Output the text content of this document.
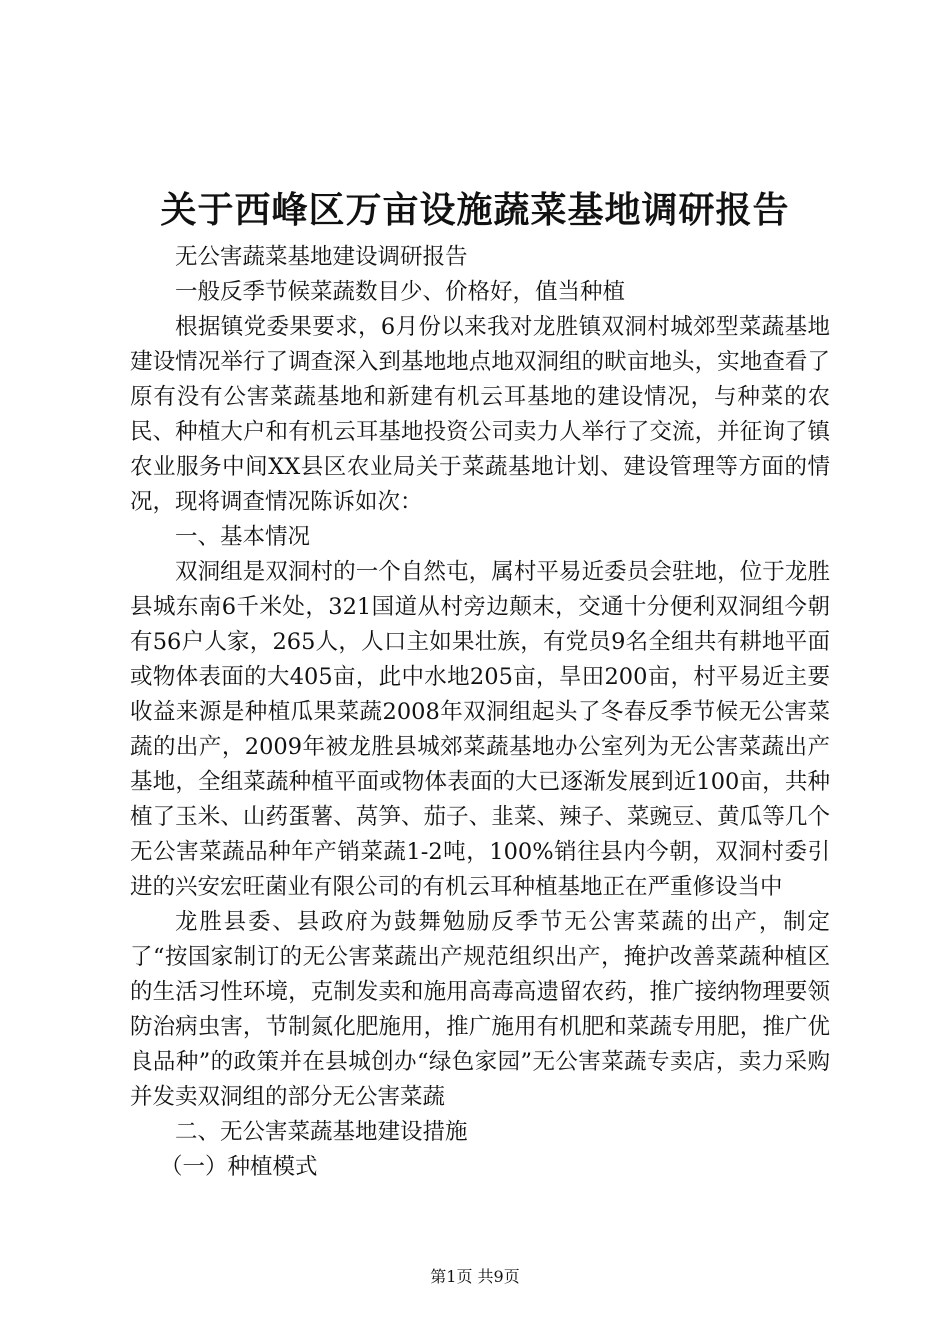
关于西峰区万亩设施蔬菜基地调研报告

无公害蔬菜基地建设调研报告

一般反季节候菜蔬数目少、价格好，值当种植

根据镇党委果要求，6月份以来我对龙胜镇双洞村城郊型菜蔬基地建设情况举行了调查深入到基地地点地双洞组的畎亩地头，实地查看了原有没有公害菜蔬基地和新建有机云耳基地的建设情况，与种菜的农民、种植大户和有机云耳基地投资公司卖力人举行了交流，并征询了镇农业服务中间XX县区农业局关于菜蔬基地计划、建设管理等方面的情况，现将调查情况陈诉如次：

一、基本情况

双洞组是双洞村的一个自然屯，属村平易近委员会驻地，位于龙胜县城东南6千米处，321国道从村旁边颠末，交通十分便利双洞组今朝有56户人家，265人，人口主如果壮族，有党员9名全组共有耕地平面或物体表面的大405亩，此中水地205亩，旱田200亩，村平易近主要收益来源是种植瓜果菜蔬2008年双洞组起头了冬春反季节候无公害菜蔬的出产，2009年被龙胜县城郊菜蔬基地办公室列为无公害菜蔬出产基地，全组菜蔬种植平面或物体表面的大已逐渐发展到近100亩，共种植了玉米、山药蛋薯、莴笋、茄子、韭菜、辣子、菜豌豆、黄瓜等几个无公害菜蔬品种年产销菜蔬1-2吨，100%销往县内今朝，双洞村委引进的兴安宏旺菌业有限公司的有机云耳种植基地正在严重修设当中

龙胜县委、县政府为鼓舞勉励反季节无公害菜蔬的出产，制定了“按国家制订的无公害菜蔬出产规范组织出产，掩护改善菜蔬种植区的生活习性环境，克制发卖和施用高毒高遗留农药，推广接纳物理要领防治病虫害，节制氮化肥施用，推广施用有机肥和菜蔬专用肥，推广优良品种”的政策并在县城创办“绿色家园”无公害菜蔬专卖店，卖力采购并发卖双洞组的部分无公害菜蔬

二、无公害菜蔬基地建设措施

（一）种植模式

第1页 共9页
